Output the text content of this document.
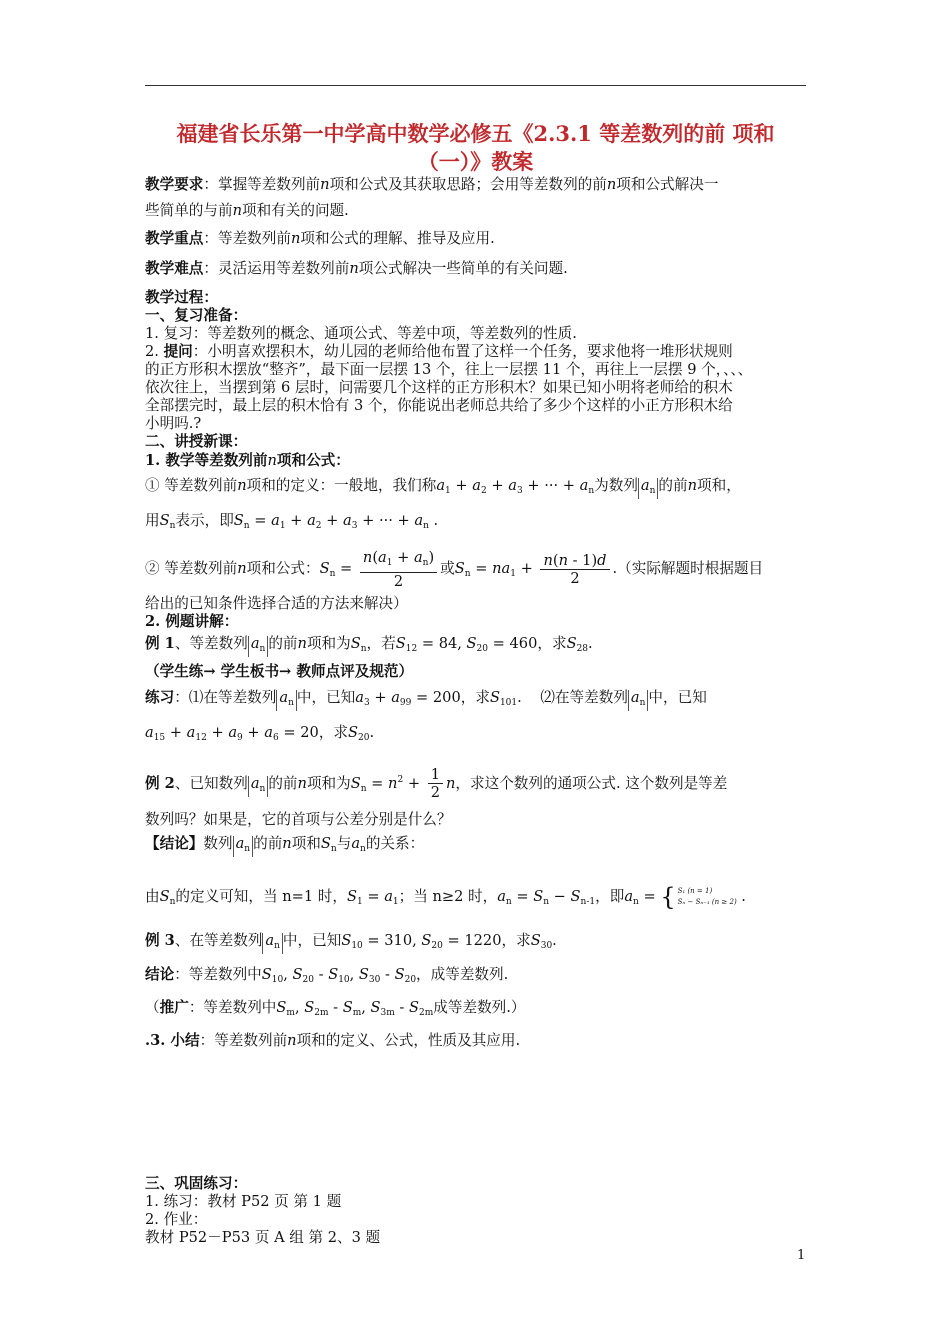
福建省长乐第一中学高中数学必修五《2.3.1 等差数列的前 项和
（一）》教案

教学要求：掌握等差数列前n项和公式及其获取思路；会用等差数列的前n项和公式解决一

些简单的与前n项和有关的问题.

教学重点：等差数列前n项和公式的理解、推导及应用.

教学难点：灵活运用等差数列前n项公式解决一些简单的有关问题.

教学过程：

一、复习准备：

1. 复习：等差数列的概念、通项公式、等差中项，等差数列的性质.

2. 提问：小明喜欢摆积木，幼儿园的老师给他布置了这样一个任务，要求他将一堆形状规则

的正方形积木摆放“整齐”，最下面一层摆 13 个，往上一层摆 11 个，再往上一层摆 9 个，、、、

依次往上，当摆到第 6 层时，问需要几个这样的正方形积木？如果已知小明将老师给的积木

全部摆完时，最上层的积木恰有 3 个，你能说出老师总共给了多少个这样的小正方形积木给

小明吗.?

二、讲授新课：

1. 教学等差数列前n项和公式：

① 等差数列前n项和的定义：一般地，我们称$a_1 + a_2 + a_3$ + ··· + $a_n$为数列 $a_n$ 的前n项和，

用$S_n$表示，即$S_n = a_1 + a_2 + a_3$ + ··· + $a_n$ .

② 等差数列前n项和公式：$S_n = \frac{n(a_1 + a_n)}{2}$ 或$S_n = na_1 + \frac{n(n - 1)d}{2}$ .（实际解题时根据题目

给出的已知条件选择合适的方法来解决）

2. 例题讲解：

例 1、等差数列 $a_n$ 的前n项和为$S_n$，若$S_{12} = 84$, $S_{20} = 460$，求$S_{28}$.

（学生练→ 学生板书→ 教师点评及规范）

练习：⑴在等差数列 $a_n$ 中，已知$a_3 + a_{99} = 200$，求$S_{101}$.    ⑵在等差数列 $a_n$ 中，已知

$a_{15} + a_{12} + a_9 + a_6 = 20$，求$S_{20}$.

例 2、已知数列 $a_n$ 的前n项和为$S_n = n^2 + \frac{1}{2}$ n，求这个数列的通项公式. 这个数列是等差

数列吗？如果是，它的首项与公差分别是什么？

【结论】数列 $a_n$ 的前n项和$S_n$与$a_n$的关系：

由$S_n$的定义可知，当 n=1 时，$S_1 = a_1$；当 n≥2 时，$a_n = S_n - S_{n-1}$，即$a_n$ = { S₁ (n = 1)
Sₙ − Sₙ₋₁ (n ≥ 2) .

例 3、在等差数列 $a_n$ 中，已知$S_{10} = 310$, $S_{20} = 1220$，求$S_{30}$.

结论：等差数列中$S_{10}$, $S_{20} - S_{10}$, $S_{30} - S_{20}$，成等差数列.

（推广：等差数列中$S_m$, $S_{2m} - S_m$, $S_{3m} - S_{2m}$成等差数列.）

.3. 小结：等差数列前n项和的定义、公式，性质及其应用.

三、巩固练习：

1. 练习：教材 P52 页 第 1 题

2. 作业：

教材 P52－P53 页 A 组 第 2、3 题

1
